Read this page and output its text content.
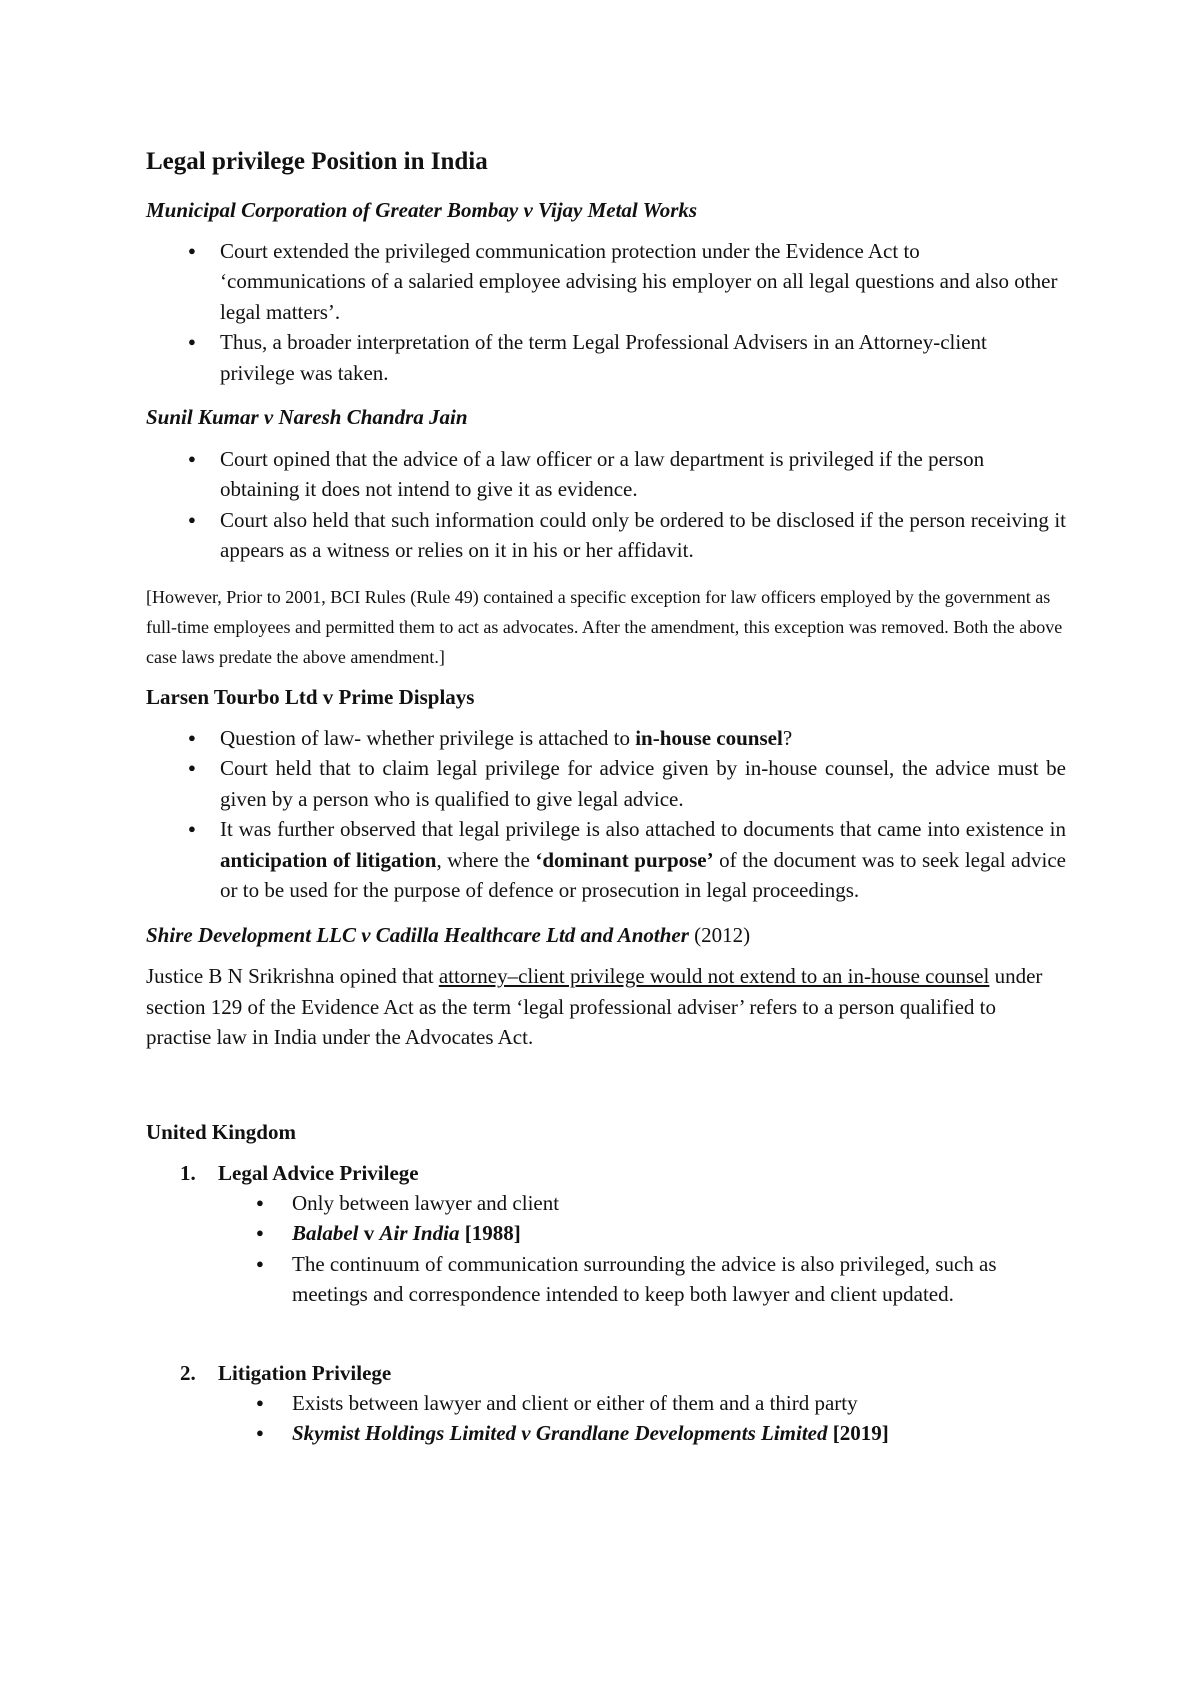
Legal privilege Position in India
Municipal Corporation of Greater Bombay v Vijay Metal Works
● Court extended the privileged communication protection under the Evidence Act to ‘communications of a salaried employee advising his employer on all legal questions and also other legal matters’.
● Thus, a broader interpretation of the term Legal Professional Advisers in an Attorney-client privilege was taken.
Sunil Kumar v Naresh Chandra Jain
● Court opined that the advice of a law officer or a law department is privileged if the person obtaining it does not intend to give it as evidence.
● Court also held that such information could only be ordered to be disclosed if the person receiving it appears as a witness or relies on it in his or her affidavit.

[However, Prior to 2001, BCI Rules (Rule 49) contained a specific exception for law officers employed by the government as full-time employees and permitted them to act as advocates. After the amendment, this exception was removed. Both the above case laws predate the above amendment.]

Larsen Tourbo Ltd v Prime Displays
● Question of law- whether privilege is attached to in-house counsel?
● Court held that to claim legal privilege for advice given by in-house counsel, the advice must be given by a person who is qualified to give legal advice.
● It was further observed that legal privilege is also attached to documents that came into existence in anticipation of litigation, where the ‘dominant purpose’ of the document was to seek legal advice or to be used for the purpose of defence or prosecution in legal proceedings.
Shire Development LLC v Cadilla Healthcare Ltd and Another (2012)

Justice B N Srikrishna opined that attorney–client privilege would not extend to an in-house counsel under section 129 of the Evidence Act as the term ‘legal professional adviser’ refers to a person qualified to practise law in India under the Advocates Act.

United Kingdom
1. Legal Advice Privilege
● Only between lawyer and client
● Balabel v Air India [1988]
● The continuum of communication surrounding the advice is also privileged, such as meetings and correspondence intended to keep both lawyer and client updated.
2. Litigation Privilege
● Exists between lawyer and client or either of them and a third party
● Skymist Holdings Limited v Grandlane Developments Limited [2019]
